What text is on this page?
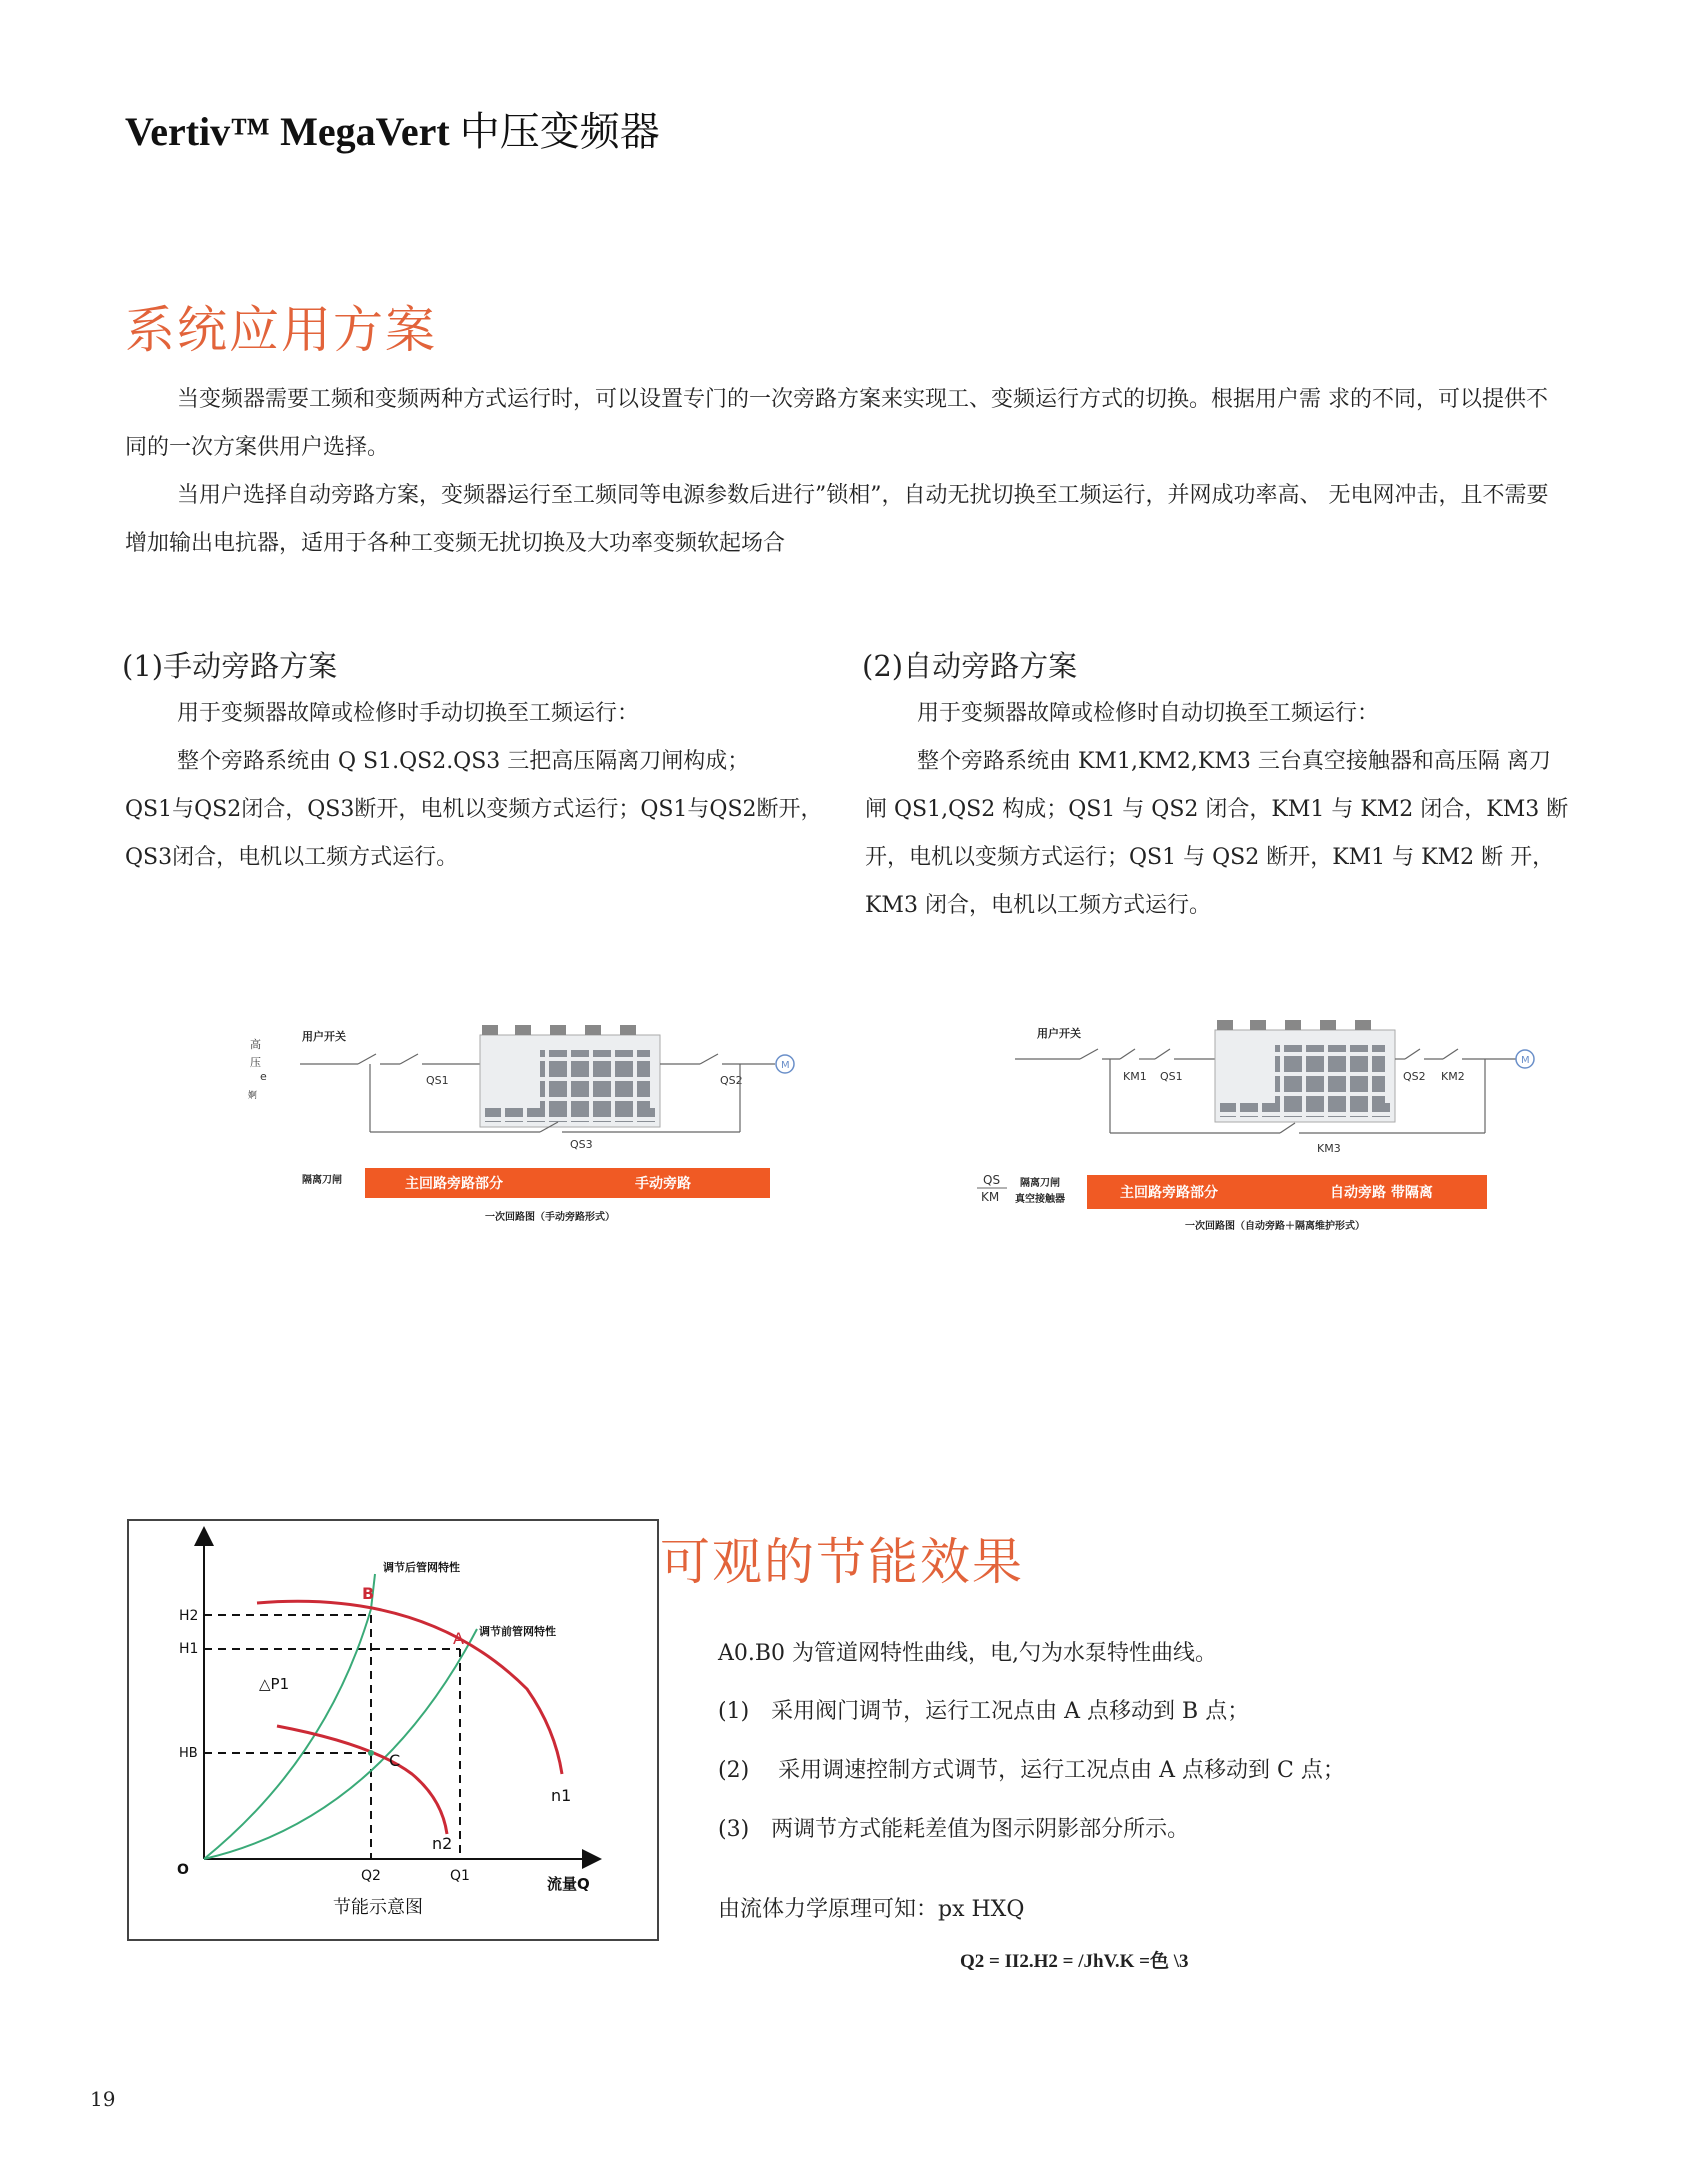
Vertiv™ MegaVert 中压变频器
系统应用方案

当变频器需要工频和变频两种方式运行时，可以设置专门的一次旁路方案来实现工、变频运行方式的切换。根据用户需 求的不同，可以提供不同的一次方案供用户选择。

当用户选择自动旁路方案，变频器运行至工频同等电源参数后进行”锁相”，自动无扰切换至工频运行，并网成功率高、 无电网冲击，且不需要增加输出电抗器，适用于各种工变频无扰切换及大功率变频软起场合

(1)手动旁路方案

用于变频器故障或检修时手动切换至工频运行：

整个旁路系统由 Q S1.QS2.QS3 三把高压隔离刀闸构成；

QS1与QS2闭合，QS3断开，电机以变频方式运行；QS1与QS2断开，QS3闭合，电机以工频方式运行。

(2)自动旁路方案

用于变频器故障或检修时自动切换至工频运行：

整个旁路系统由 KM1,KM2,KM3 三台真空接触器和高压隔 离刀闸 QS1,QS2 构成；QS1 与 QS2 闭合，KM1 与 KM2 闭合，KM3 断开，电机以变频方式运行；QS1 与 QS2 断开，KM1 与 KM2 断 开，KM3 闭合，电机以工频方式运行。

高
压
e
婀
用户开关
QS1	QS2
M
QS3
隔离刀闸	主回路旁路部分	手动旁路
一次回路图（手动旁路形式）
用户开关
KM1 QS1	QS2 KM2
M
KM3
QS
KM
隔离刀闸
真空接触器	主回路旁路部分	自动旁路 带隔离
一次回路图（自动旁路＋隔离维护形式）
O
H2
H1
HB
△P1
B
A
C
调节后管网特性
调节前管网特性
n1
n2
Q2	Q1	流量Q
节能示意图
可观的节能效果
A0.B0 为管道网特性曲线，电,勺为水泵特性曲线。
(1)　采用阀门调节，运行工况点由 A 点移动到 B 点；
(2)　 采用调速控制方式调节，运行工况点由 A 点移动到 C 点；
(3)　两调节方式能耗差值为图示阴影部分所示。
由流体力学原理可知：px HXQ
Q2 = II2.H2 = /JhV.K =色 \3
19
